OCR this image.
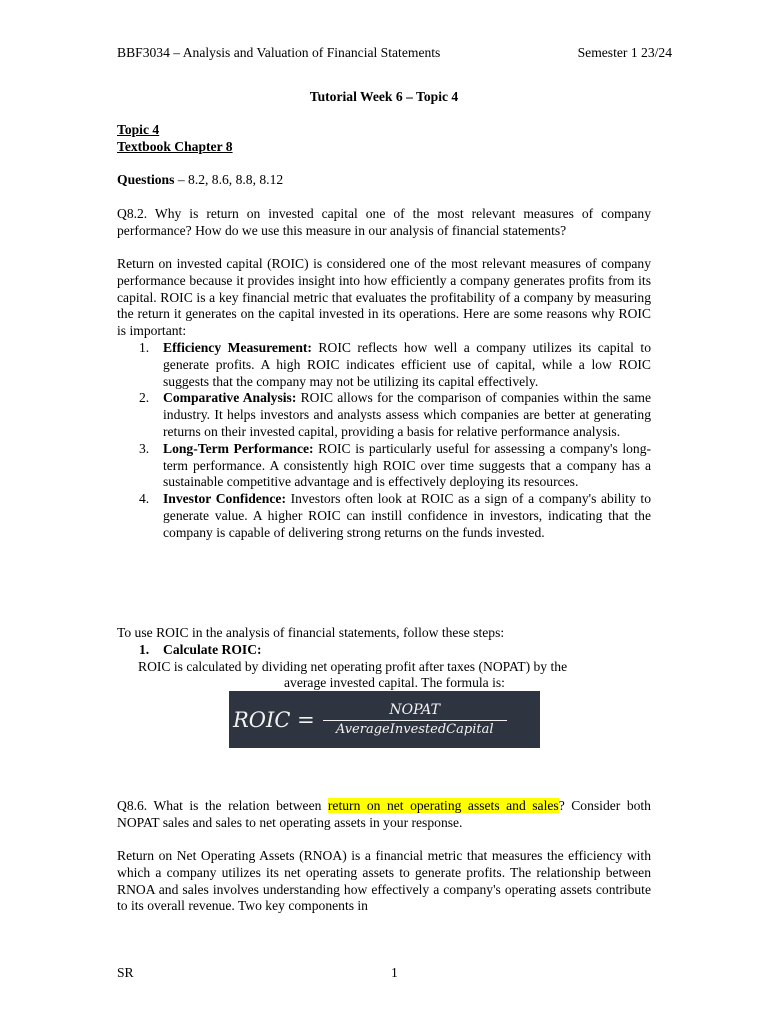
BBF3034 – Analysis and Valuation of Financial Statements	Semester 1 23/24
Tutorial Week 6 – Topic 4
Topic 4
Textbook Chapter 8
Questions – 8.2, 8.6, 8.8, 8.12
Q8.2. Why is return on invested capital one of the most relevant measures of company performance? How do we use this measure in our analysis of financial statements?
Return on invested capital (ROIC) is considered one of the most relevant measures of company performance because it provides insight into how efficiently a company generates profits from its capital. ROIC is a key financial metric that evaluates the profitability of a company by measuring the return it generates on the capital invested in its operations. Here are some reasons why ROIC is important:
1. Efficiency Measurement: ROIC reflects how well a company utilizes its capital to generate profits. A high ROIC indicates efficient use of capital, while a low ROIC suggests that the company may not be utilizing its capital effectively.
2. Comparative Analysis: ROIC allows for the comparison of companies within the same industry. It helps investors and analysts assess which companies are better at generating returns on their invested capital, providing a basis for relative performance analysis.
3. Long-Term Performance: ROIC is particularly useful for assessing a company's long-term performance. A consistently high ROIC over time suggests that a company has a sustainable competitive advantage and is effectively deploying its resources.
4. Investor Confidence: Investors often look at ROIC as a sign of a company's ability to generate value. A higher ROIC can instill confidence in investors, indicating that the company is capable of delivering strong returns on the funds invested.
To use ROIC in the analysis of financial statements, follow these steps:
1. Calculate ROIC:
ROIC is calculated by dividing net operating profit after taxes (NOPAT) by the
average invested capital. The formula is:
ROIC = $\frac{\text{NOPAT}}{\text{AverageInvestedCapital}}$
Q8.6. What is the relation between return on net operating assets and sales? Consider both NOPAT sales and sales to net operating assets in your response.
Return on Net Operating Assets (RNOA) is a financial metric that measures the efficiency with which a company utilizes its net operating assets to generate profits. The relationship between RNOA and sales involves understanding how effectively a company's operating assets contribute to its overall revenue. Two key components in
SR	1
